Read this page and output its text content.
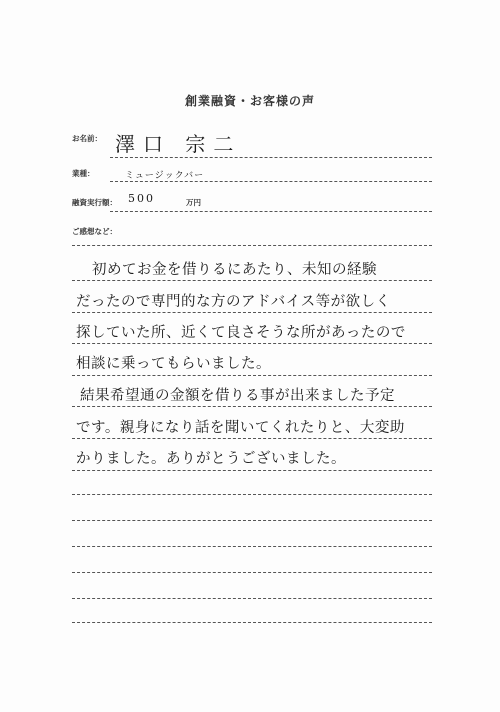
創業融資・お客様の声
お名前： 澤口 宗二
業種：	ミュージックバー
融資実行額： 500	万円
ご感想など：
初めてお金を借りるにあたり、未知の経験
だったので専門的な方のアドバイス等が欲しく
探していた所、近くて良さそうな所があったので
相談に乗ってもらいました。
結果希望通の金額を借りる事が出来ました予定
です。親身になり話を聞いてくれたりと、大変助
かりました。ありがとうございました。
